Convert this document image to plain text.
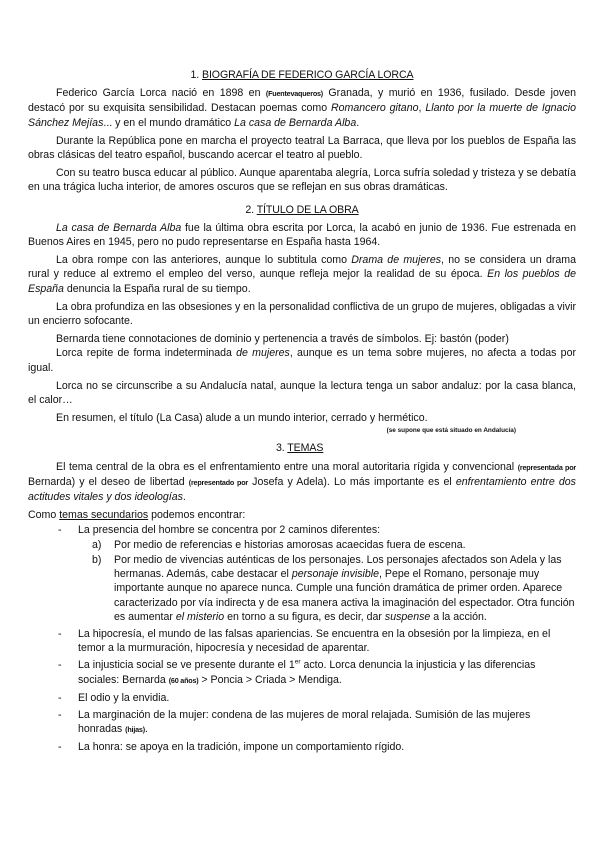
1. BIOGRAFÍA DE FEDERICO GARCÍA LORCA

Federico García Lorca nació en 1898 en (Fuentevaqueros) Granada, y murió en 1936, fusilado. Desde joven destacó por su exquisita sensibilidad. Destacan poemas como Romancero gitano, Llanto por la muerte de Ignacio Sánchez Mejías... y en el mundo dramático La casa de Bernarda Alba.

Durante la República pone en marcha el proyecto teatral La Barraca, que lleva por los pueblos de España las obras clásicas del teatro español, buscando acercar el teatro al pueblo.

Con su teatro busca educar al público. Aunque aparentaba alegría, Lorca sufría soledad y tristeza y se debatía en una trágica lucha interior, de amores oscuros que se reflejan en sus obras dramáticas.

2. TÍTULO DE LA OBRA

La casa de Bernarda Alba fue la última obra escrita por Lorca, la acabó en junio de 1936. Fue estrenada en Buenos Aires en 1945, pero no pudo representarse en España hasta 1964.

La obra rompe con las anteriores, aunque lo subtitula como Drama de mujeres, no se considera un drama rural y reduce al extremo el empleo del verso, aunque refleja mejor la realidad de su época. En los pueblos de España denuncia la España rural de su tiempo.

La obra profundiza en las obsesiones y en la personalidad conflictiva de un grupo de mujeres, obligadas a vivir un encierro sofocante.

Bernarda tiene connotaciones de dominio y pertenencia a través de símbolos. Ej: bastón (poder)

Lorca repite de forma indeterminada de mujeres, aunque es un tema sobre mujeres, no afecta a todas por igual.

Lorca no se circunscribe a su Andalucía natal, aunque la lectura tenga un sabor andaluz: por la casa blanca, el calor…

En resumen, el título (La Casa) alude a un mundo interior, cerrado y hermético.

(se supone que está situado en Andalucía)
3. TEMAS

El tema central de la obra es el enfrentamiento entre una moral autoritaria rígida y convencional (representada por Bernarda) y el deseo de libertad (representado por Josefa y Adela). Lo más importante es el enfrentamiento entre dos actitudes vitales y dos ideologías.

Como temas secundarios podemos encontrar:

- La presencia del hombre se concentra por 2 caminos diferentes:
a) Por medio de referencias e historias amorosas acaecidas fuera de escena.
b) Por medio de vivencias auténticas de los personajes. Los personajes afectados son Adela y las hermanas. Además, cabe destacar el personaje invisible, Pepe el Romano, personaje muy importante aunque no aparece nunca. Cumple una función dramática de primer orden. Aparece caracterizado por vía indirecta y de esa manera activa la imaginación del espectador. Otra función es aumentar el misterio en torno a su figura, es decir, dar suspense a la acción.
- La hipocresía, el mundo de las falsas apariencias. Se encuentra en la obsesión por la limpieza, en el temor a la murmuración, hipocresía y necesidad de aparentar.
- La injusticia social se ve presente durante el 1er acto. Lorca denuncia la injusticia y las diferencias sociales: Bernarda (60 años) > Poncia > Criada > Mendiga.
- El odio y la envidia.
- La marginación de la mujer: condena de las mujeres de moral relajada. Sumisión de las mujeres honradas (hijas).
- La honra: se apoya en la tradición, impone un comportamiento rígido.
